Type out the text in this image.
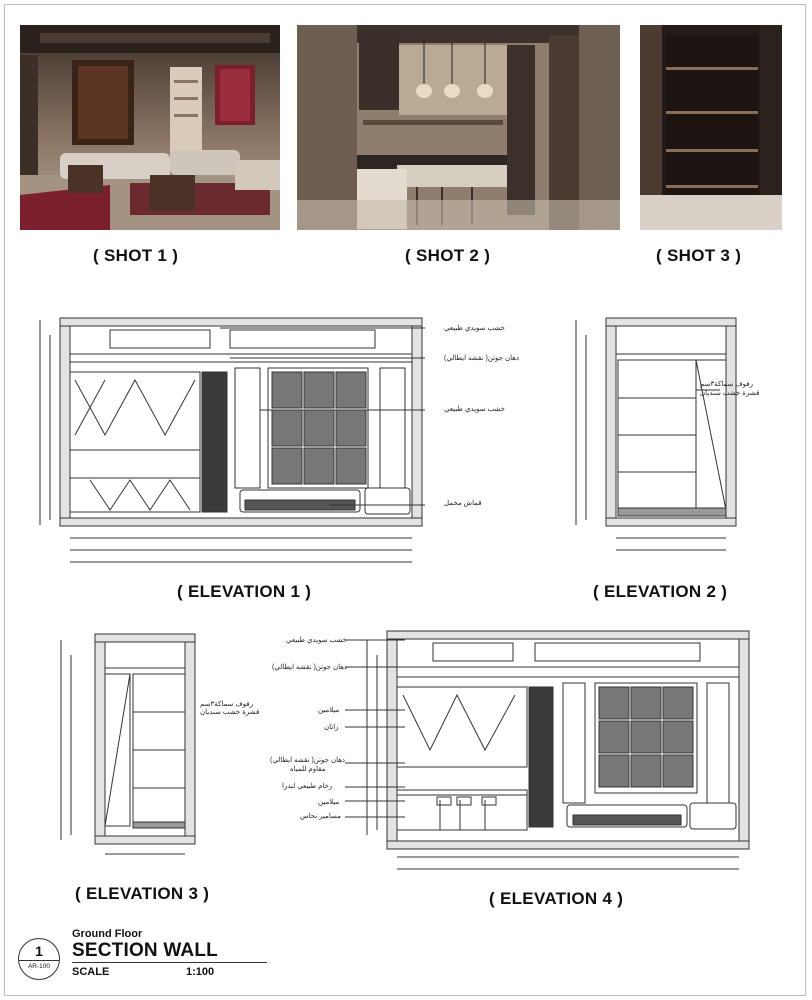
( SHOT 1 )	( SHOT 2 )	( SHOT 3 )
خشب سويدي طبيعي
دهان جوتن( نقشه ايطالي)
خشب سويدي طبيعي
قماش مخمل
( ELEVATION 1 )
رفوف سماكة٣سم
قشرة خشب سنديان
( ELEVATION 2 )
رفوف سماكة٣سم
قشرة خشب سنديان
( ELEVATION 3 )
خشب سويدي طبيعي
دهان جوتن( نقشه ايطالي)
ميلامين
راتان
دهان جوتن( نقشه ايطالي)
مقاوم للمياه
رخام طبيعي لندرا
ميلامين
مسامير نحاس
( ELEVATION 4 )
1
AR-100
Ground Floor
SECTION WALL
SCALE	1:100
